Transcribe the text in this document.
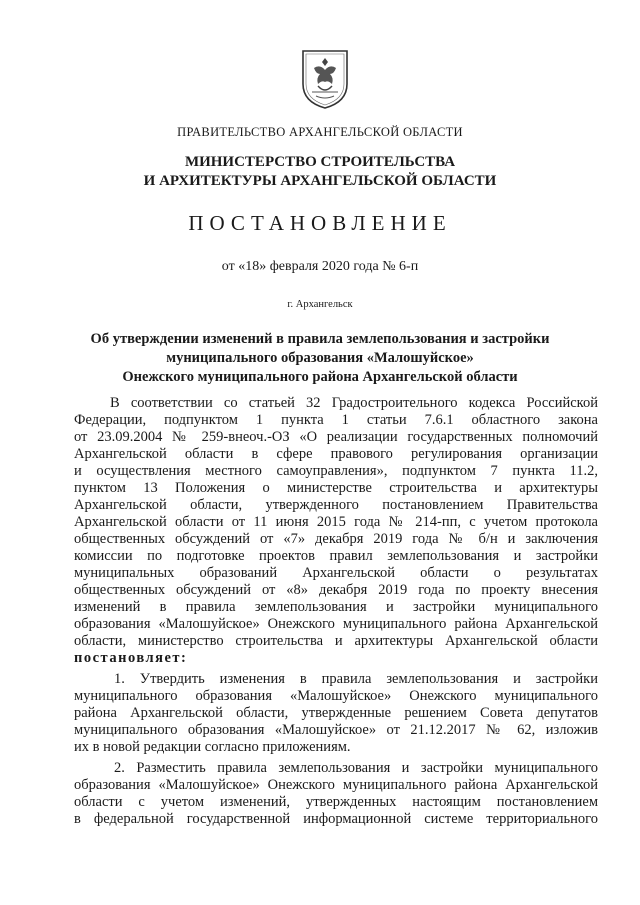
ПРАВИТЕЛЬСТВО АРХАНГЕЛЬСКОЙ ОБЛАСТИ
МИНИСТЕРСТВО СТРОИТЕЛЬСТВА
И АРХИТЕКТУРЫ АРХАНГЕЛЬСКОЙ ОБЛАСТИ
ПОСТАНОВЛЕНИЕ
от «18» февраля 2020 года № 6-п
г. Архангельск
Об утверждении изменений в правила землепользования и застройки
муниципального образования «Малошуйское»
Онежского муниципального района Архангельской области
В соответствии со статьей 32 Градостроительного кодекса Российской
Федерации, подпунктом 1 пункта 1 статьи 7.6.1 областного закона
от 23.09.2004 № 259-внеоч.-ОЗ «О реализации государственных полномочий
Архангельской области в сфере правового регулирования организации
и осуществления местного самоуправления», подпунктом 7 пункта 11.2,
пунктом 13 Положения о министерстве строительства и архитектуры
Архангельской области, утвержденного постановлением Правительства
Архангельской области от 11 июня 2015 года № 214-пп, с учетом протокола
общественных обсуждений от «7» декабря 2019 года № б/н и заключения
комиссии по подготовке проектов правил землепользования и застройки
муниципальных образований Архангельской области о результатах
общественных обсуждений от «8» декабря 2019 года по проекту внесения
изменений в правила землепользования и застройки муниципального
образования «Малошуйское» Онежского муниципального района Архангельской
области, министерство строительства и архитектуры Архангельской области
постановляет:
1. Утвердить изменения в правила землепользования и застройки
муниципального образования «Малошуйское» Онежского муниципального
района Архангельской области, утвержденные решением Совета депутатов
муниципального образования «Малошуйское» от 21.12.2017 № 62, изложив
их в новой редакции согласно приложениям.
2. Разместить правила землепользования и застройки муниципального
образования «Малошуйское» Онежского муниципального района Архангельской
области с учетом изменений, утвержденных настоящим постановлением
в федеральной государственной информационной системе территориального
